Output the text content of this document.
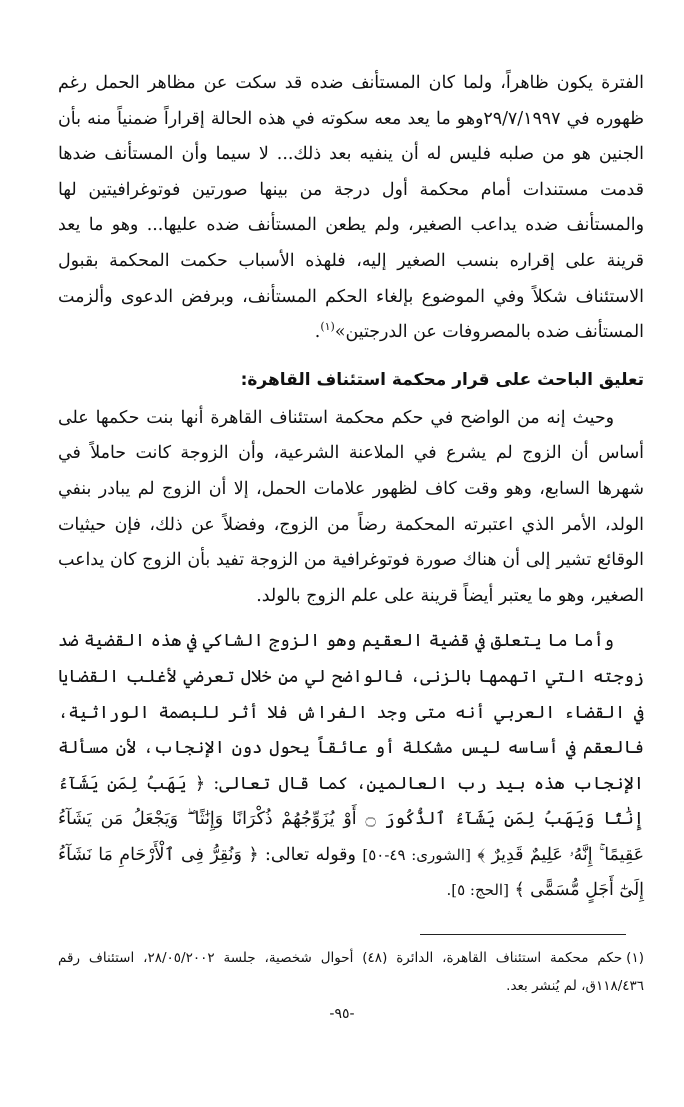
الفترة يكون ظاهراً، ولما كان المستأنف ضده قد سكت عن مظاهر الحمل رغم ظهوره في ٢٩/٧/١٩٩٧وهو ما يعد معه سكوته في هذه الحالة إقراراً ضمنياً منه بأن الجنين هو من صلبه فليس له أن ينفيه بعد ذلك... لا سيما وأن المستأنف ضدها قدمت مستندات أمام محكمة أول درجة من بينها صورتين فوتوغرافيتين لها والمستأنف ضده يداعب الصغير، ولم يطعن المستأنف ضده عليها... وهو ما يعد قرينة على إقراره بنسب الصغير إليه، فلهذه الأسباب حكمت المحكمة بقبول الاستئناف شكلاً وفي الموضوع بإلغاء الحكم المستأنف، وبرفض الدعوى وألزمت المستأنف ضده بالمصروفات عن الدرجتين»$^{(١)}$.

تعليق الباحث على قرار محكمة استئناف القاهرة:

وحيث إنه من الواضح في حكم محكمة استئناف القاهرة أنها بنت حكمها على أساس أن الزوج لم يشرع في الملاعنة الشرعية، وأن الزوجة كانت حاملاً في شهرها السابع، وهو وقت كاف لظهور علامات الحمل، إلا أن الزوج لم يبادر بنفي الولد، الأمر الذي اعتبرته المحكمة رضاً من الزوج، وفضلاً عن ذلك، فإن حيثيات الوقائع تشير إلى أن هناك صورة فوتوغرافية من الزوجة تفيد بأن الزوج كان يداعب الصغير، وهو ما يعتبر أيضاً قرينة على علم الزوج بالولد.

وأما ما يتعلق في قضية العقيم وهو الزوج الشاكي في هذه القضية ضد زوجته التي اتهمها بالزنى، فالواضح لي من خلال تعرضي لأغلب القضايا في القضاء العربي أنه متى وجد الفراش فلا أثر للبصمة الوراثية، فالعقم في أساسه ليس مشكلة أو عائقاً يحول دون الإنجاب، لأن مسألة الإنجاب هذه بيد رب العالمين، كما قال تعالى: ﴿ يَهَبُ لِمَن يَشَآءُ إِنَٰثًا وَيَهَبُ لِمَن يَشَآءُ ٱلذُّكُورَ ۝ أَوْ يُزَوِّجُهُمْ ذُكْرَانًا وَإِنَٰثًا ۖ وَيَجْعَلُ مَن يَشَآءُ عَقِيمًا ۚ إِنَّهُۥ عَلِيمٌ قَدِيرٌ ﴾ [الشورى: ٤٩-٥٠] وقوله تعالى: ﴿ وَنُقِرُّ فِى ٱلْأَرْحَامِ مَا نَشَآءُ إِلَىٰٓ أَجَلٍ مُّسَمًّى ﴾ [الحج: ٥].

(١)حكم محكمة استئناف القاهرة، الدائرة (٤٨) أحوال شخصية، جلسة ٢٨/٠٥/٢٠٠٢، استئناف رقم ١١٨/٤٣٦ق، لم يُنشر بعد.

-٩٥-
